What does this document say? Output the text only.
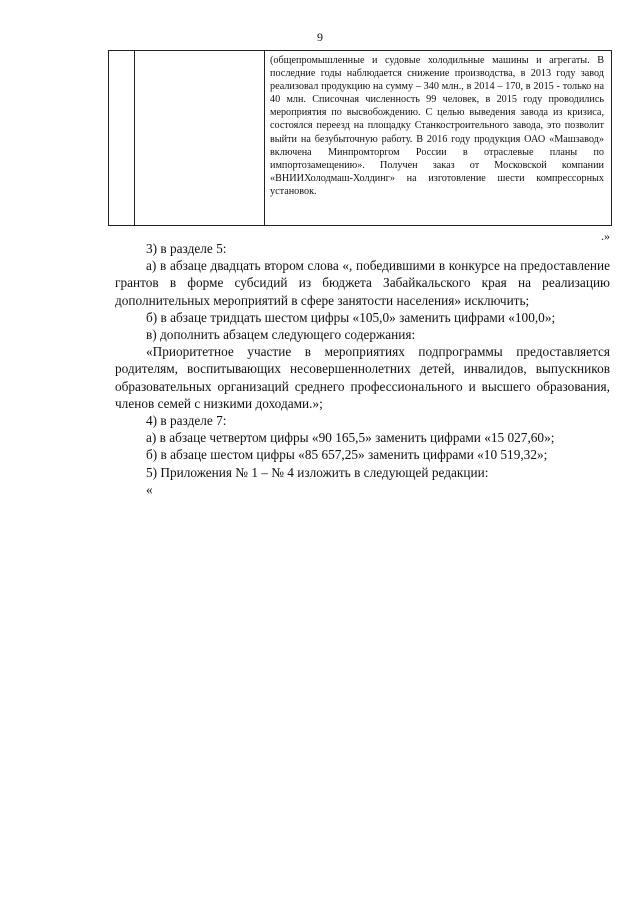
9
(общепромышленные и судовые холодильные машины и агрегаты. В последние годы наблюдается снижение производства, в 2013 году завод реализовал продукцию на сумму – 340 млн., в 2014 – 170, в 2015 - только на 40 млн. Списочная численность 99 человек, в 2015 году проводились мероприятия по высвобождению. С целью выведения завода из кризиса, состоялся переезд на площадку Станкостроительного завода, это позволит выйти на безубыточную работу. В 2016 году продукция ОАО «Машзавод» включена Минпромторгом России в отраслевые планы по импортозамещению». Получен заказ от Московской компании «ВНИИХолодмаш-Холдинг» на изготовление шести компрессорных установок.
.»

3) в разделе 5:

а) в абзаце двадцать втором слова «, победившими в конкурсе на предоставление грантов в форме субсидий из бюджета Забайкальского края на реализацию дополнительных мероприятий в сфере занятости населения» исключить;

б) в абзаце тридцать шестом цифры «105,0» заменить цифрами «100,0»;

в) дополнить абзацем следующего содержания:

«Приоритетное участие в мероприятиях подпрограммы предоставляется родителям, воспитывающих несовершеннолетних детей, инвалидов, выпускников образовательных организаций среднего профессионального и высшего образования, членов семей с низкими доходами.»;

4) в разделе 7:

а) в абзаце четвертом цифры «90 165,5» заменить цифрами «15 027,60»;

б) в абзаце шестом цифры «85 657,25» заменить цифрами «10 519,32»;

5) Приложения № 1 – № 4 изложить в следующей редакции:

«
